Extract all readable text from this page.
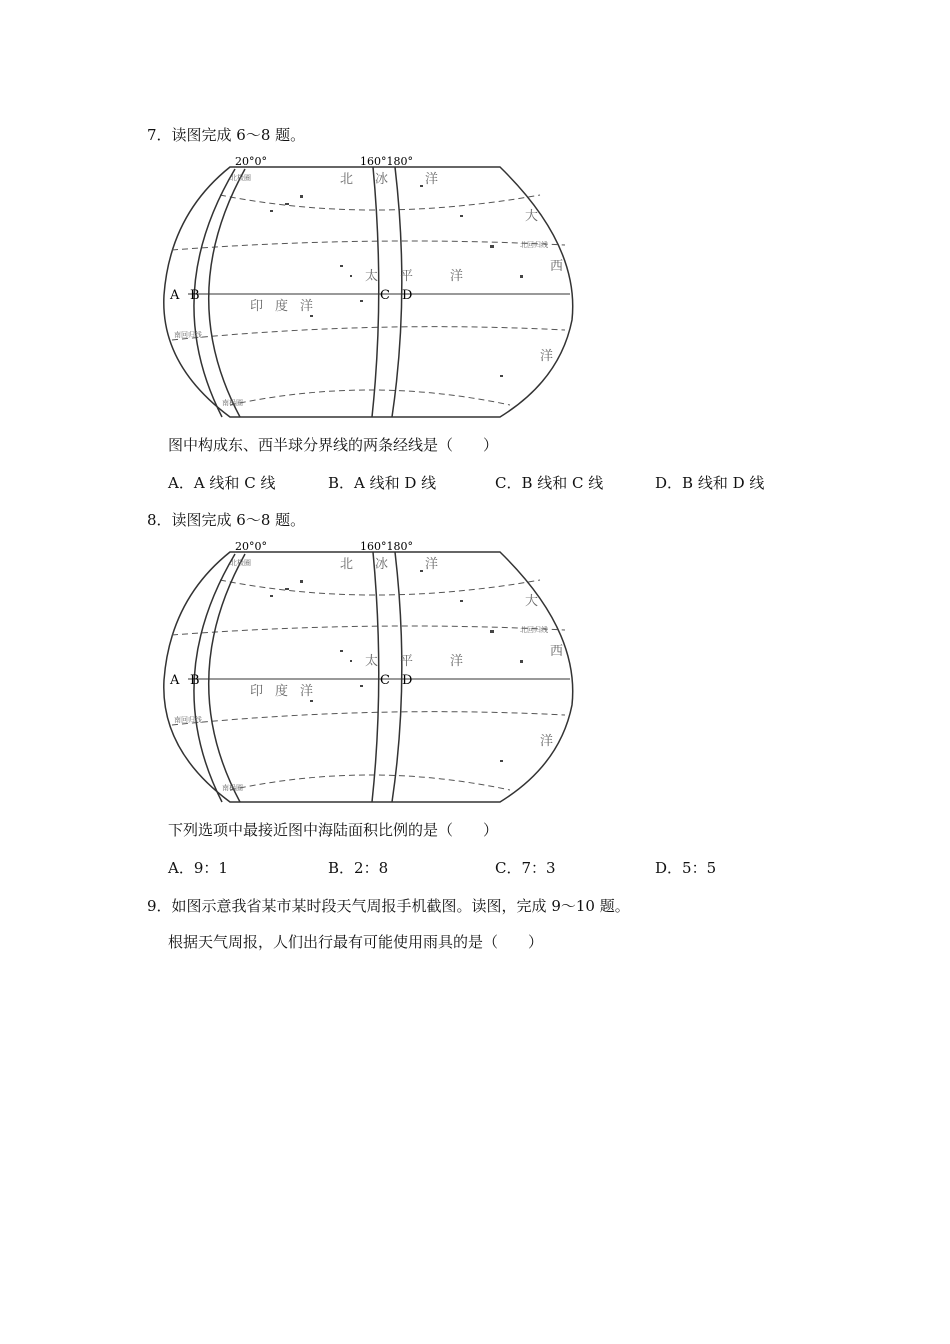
7．读图完成 6～8 题。
20°0°	160°180°
A B	C D
北 冰	洋
大
西
洋
太 平	洋
印 度 洋
北极圈
北回归线
南回归线
南极圈
图中构成东、西半球分界线的两条经线是（　　）
A．A 线和 C 线	B．A 线和 D 线	C．B 线和 C 线	D．B 线和 D 线
8．读图完成 6～8 题。
20°0°	160°180°
A B	C D
北 冰	洋
大
西
洋
太 平	洋
印 度 洋
北极圈
北回归线
南回归线
南极圈
下列选项中最接近图中海陆面积比例的是（　　）
A．9：1	B．2：8	C．7：3	D．5：5
9．如图示意我省某市某时段天气周报手机截图。读图，完成 9～10 题。
根据天气周报，人们出行最有可能使用雨具的是（　　）
